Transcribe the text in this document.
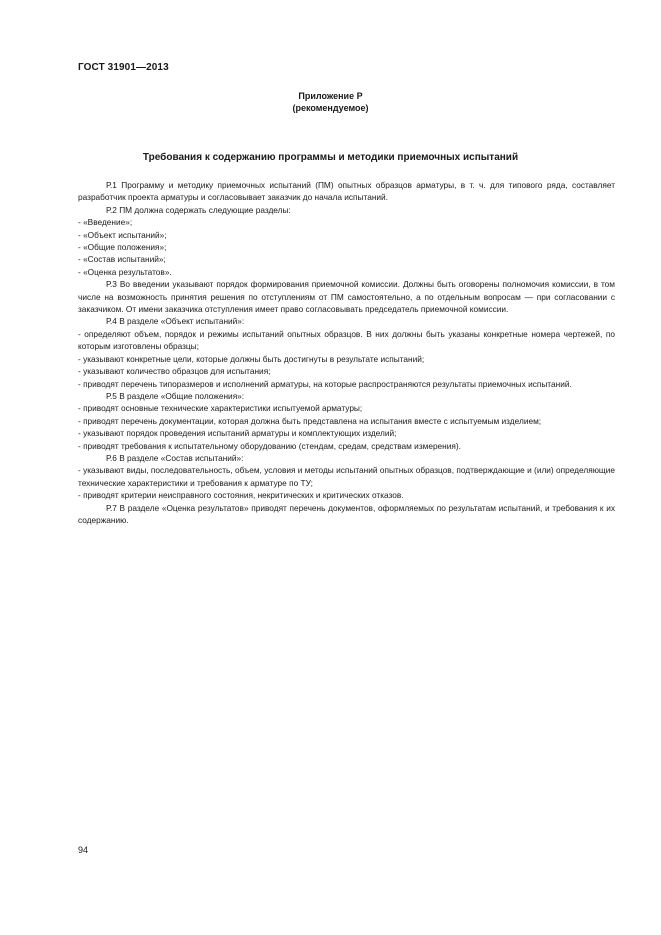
ГОСТ 31901—2013
Приложение Р
(рекомендуемое)
Требования к содержанию программы и методики приемочных испытаний

Р.1 Программу и методику приемочных испытаний (ПМ) опытных образцов арматуры, в т. ч. для типового ряда, составляет разработчик проекта арматуры и согласовывает заказчик до начала испытаний.

Р.2 ПМ должна содержать следующие разделы:

- «Введение»;

- «Объект испытаний»;

- «Общие положения»;

- «Состав испытаний»;

- «Оценка результатов».

Р.3 Во введении указывают порядок формирования приемочной комиссии. Должны быть оговорены полномочия комиссии, в том числе на возможность принятия решения по отступлениям от ПМ самостоятельно, а по отдельным вопросам — при согласовании с заказчиком. От имени заказчика отступления имеет право согласовывать председатель приемочной комиссии.

Р.4 В разделе «Объект испытаний»:

- определяют объем, порядок и режимы испытаний опытных образцов. В них должны быть указаны конкретные номера чертежей, по которым изготовлены образцы;

- указывают конкретные цели, которые должны быть достигнуты в результате испытаний;

- указывают количество образцов для испытания;

- приводят перечень типоразмеров и исполнений арматуры, на которые распространяются результаты приемочных испытаний.

Р.5 В разделе «Общие положения»:

- приводят основные технические характеристики испытуемой арматуры;

- приводят перечень документации, которая должна быть представлена на испытания вместе с испытуемым изделием;

- указывают порядок проведения испытаний арматуры и комплектующих изделий;

- приводят требования к испытательному оборудованию (стендам, средам, средствам измерения).

Р.6 В разделе «Состав испытаний»:

- указывают виды, последовательность, объем, условия и методы испытаний опытных образцов, подтверждающие и (или) определяющие технические характеристики и требования к арматуре по ТУ;

- приводят критерии неисправного состояния, некритических и критических отказов.

Р.7 В разделе «Оценка результатов» приводят перечень документов, оформляемых по результатам испытаний, и требования к их содержанию.

94
